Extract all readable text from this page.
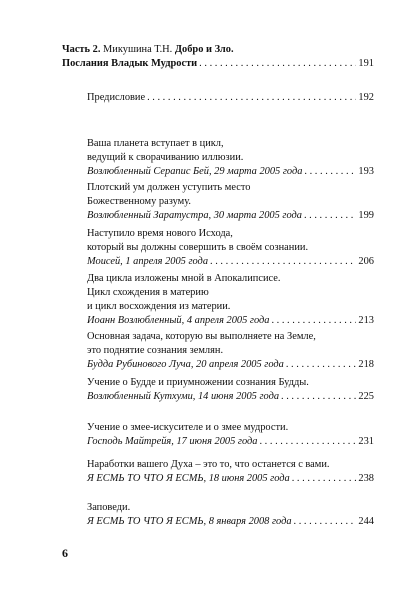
Часть 2. Микушина Т.Н. Добро и Зло.
Послания Владык Мудрости . . .	191
Предисловие . . .	192
Ваша планета вступает в цикл,
ведущий к сворачиванию иллюзии.
Возлюбленный Серапис Бей, 29 марта 2005 года . . .	193
Плотский ум должен уступить место
Божественному разуму.
Возлюбленный Заратустра, 30 марта 2005 года . . .	199
Наступило время нового Исхода,
который вы должны совершить в своём сознании.
Моисей, 1 апреля 2005 года . . .	206
Два цикла изложены мной в Апокалипсисе.
Цикл схождения в материю
и цикл восхождения из материи.
Иоанн Возлюбленный, 4 апреля 2005 года . . .	213
Основная задача, которую вы выполняете на Земле,
это поднятие сознания землян.
Будда Рубинового Луча, 20 апреля 2005 года . . .	218
Учение о Будде и приумножении сознания Будды.
Возлюбленный Кутхуми, 14 июня 2005 года . . .	225
Учение о змее-искусителе и о змее мудрости.
Господь Майтрейя, 17 июня 2005 года . . .	231
Наработки вашего Духа – это то, что останется с вами.
Я ЕСМЬ ТО ЧТО Я ЕСМЬ, 18 июня 2005 года . . .	238
Заповеди.
Я ЕСМЬ ТО ЧТО Я ЕСМЬ, 8 января 2008 года . . .	244
6
